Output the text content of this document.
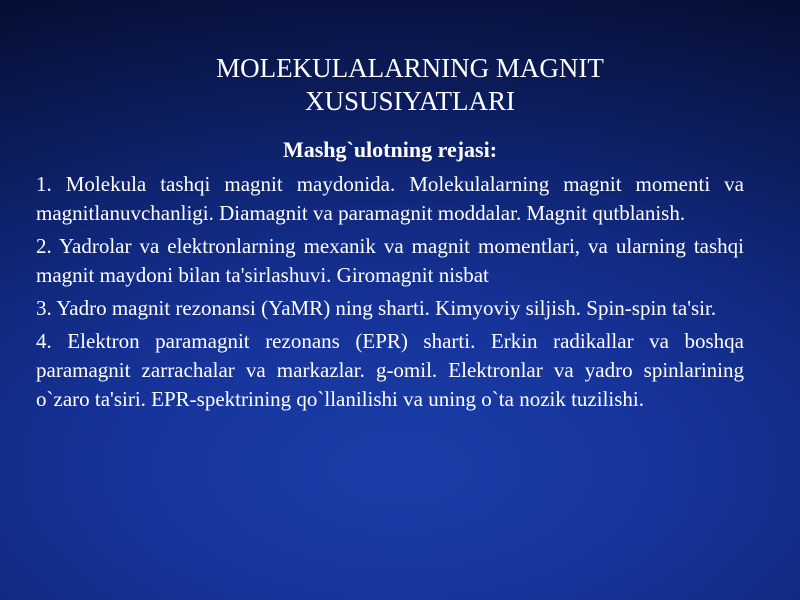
MOLEKULALARNING MAGNIT
XUSUSIYATLARI
Mashg`ulotning rejasi:
1. Molekula tashqi magnit maydonida. Molekulalarning magnit momenti va magnitlanuvchanligi. Diamagnit va paramagnit moddalar. Magnit qutblanish.
2. Yadrolar va elektronlarning mexanik va magnit momentlari, va ularning tashqi magnit maydoni bilan ta'sirlashuvi. Giromagnit nisbat
3. Yadro magnit rezonansi (YaMR) ning sharti. Kimyoviy siljish. Spin-spin ta'sir.
4. Elektron paramagnit rezonans (EPR) sharti. Erkin radikallar va boshqa paramagnit zarrachalar va markazlar. g-omil. Elektronlar va yadro spinlarining o`zaro ta'siri. EPR-spektrining qo`llanilishi va uning o`ta nozik tuzilishi.
